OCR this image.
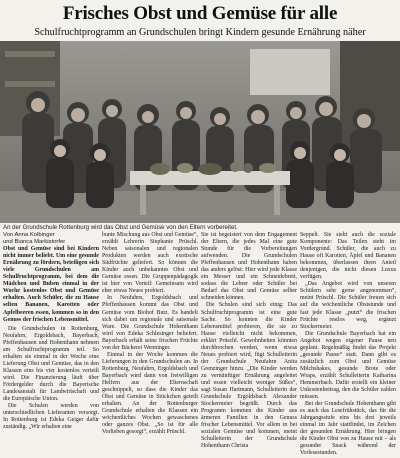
Frisches Obst und Gemüse für alle

Schulfruchtprogramm an Grundschulen bringt Kindern gesunde Ernährung näher

An der Grundschule Rottenburg wird das Obst und Gemüse von den Eltern vorbereitet.

Von Anna Kolbinger
und Bianca Markistorfer

Obst und Gemüse sind bei Kindern nicht immer beliebt. Um eine gesunde Ernährung zu fördern, beteiligen sich viele Grundschulen am Schulfruchtprogramm, bei dem die Mädchen und Buben einmal in der Woche kostenlos Obst und Gemüse erhalten. Auch Schüler, die zu Hause selten Bananen, Karotten oder Apfelbeeren essen, kommen so in den Genuss der frischen Lebensmittel.

Die Grundschulen in Rottenburg, Neufahrn, Ergoldsbach, Bayerbach, Pfeffenhausen und Hohenthann nehmen am Schulfruchtprogramm teil. So erhalten sie einmal in der Woche eine Lieferung Obst und Gemüse, das in den Klassen eins bis vier kostenlos verteilt wird. Die Finanzierung läuft über Fördergelder durch die Bayerische Landesanstalt für Landwirtschaft und die Europäische Union.

Die Schulen werden von unterschiedlichen Lieferanten versorgt. In Rottenburg ist Edeka Geiger dafür zuständig. „Wir erhalten eine

bunte Mischung aus Obst und Gemüse“, erzählt Lehrerin Stephanie Prüschl. Neben saisonalen und regionalen Produkten werden auch exotische Südfrüchte geliefert. So können die Kinder auch unbekanntes Obst und Gemüse essen. Die Gruppenpädagogik ist hier von Vorteil: Gemeinsam wird eher etwas Neues probiert.

In Neufahrn, Ergoldsbach und Pfeffenhausen kommt das Obst und Gemüse vom Biohof Butz. Es handelt sich dabei um regionale und saisonale Ware. Die Grundschule Hohenthann wird von Edeka Schlesinger beliefert. Bayerbach erhält seine frischen Früchte von der Bäckerei Wenninger.

Einmal in der Woche kommen die Lieferungen in den Grundschulen an. In Rottenburg, Neufahrn, Ergoldsbach und Bayerbach wird dann von freiwilligen Helfern aus der Elternschaft geschnippelt, so dass die Kinder das Obst und Gemüse in Stückchen geteilt erhalten. An der Rottenburger Grundschule erhalten die Klassen ein wöchentliches Wochen gewaschenes oder ganzes Obst. „So ist für alle Vorlieben gesorgt“, erzählt Prüschl.

Sie ist begeistert von dem Engagement der Eltern, die jedes Mal eine gute Stunde für die Vorbereitungen aufwenden. Die Grundschulen Pfeffenhausen und Hohenthann haben das anders gelöst: Hier wird jede Klasse ein Messer und ein Schneidebrett, sodass die Lehrer oder Schüler bei Bedarf das Obst und Gemüse selber schneiden können.

Die Schulen sind sich einig: Das Schulfruchtprogramm ist eine gute Sache. So konnten die Kinder Lebensmittel probieren, die sie zu Hause vielleicht nicht bekommen, erklärt Prüschl. Gewohnheiten könnten durchbrochen werden, wenn etwas Neues probiert wird, fügt Schulleiterin der Grundschule Neufahrn Anita Grenzinger hinzu. „Die Kinder werden zu vernünftiger Ernährung angeleitet und essen vielleicht weniger Süßes“, sagt Susan Hartmann, Schulleiterin der Grundschule Ergoldsbach Alexander Stockermeier begrüßt. Durch das Programm kommen die Kinder aus ärmeren Familien in den Genuss frischer Lebensmittel. Vor allem in bei sozialen Gemüse und kommen, meint Schulleiterin der Grundschule Hohenthann Christa

Seppelt. Sie sieht auch die soziale Komponente: Das Teilen steht im Vordergrund. Schüler, die auch zu Hause oft Karotten, Äpfel und Bananen bekommen, überlassen ihren Anteil denjenigen, die nicht diesen Luxus verfügen.

„Das Angebot wird von unseren Schülern sehr gerne angenommen“, meint Prüschl. Die Schüler freuen sich auf die wöchentliche Obststunde und fast jede Klasse „putzt“ die frischen Früchte restlos weg, ergänzt Stockermeier.

Die Grundschule Bayerbach hat ein Angebot wegen eigener Pause neu geplant. Regelmäßig findet das Projekt „gesunde Pause“ statt. Dann gibt es zusätzlich zum Obst und Gemüse Milchshakes, gesunde Brote oder Wraps, erzählt Schulleiterin Katharina Hemmerbach. Dafür erstellt ein kleiner Unkostenbeitrag, den die Schüler zahlen müssen.

Bei der Grundschule Hohenthann gibt es auch das Lesefrühstück, das für die Jahrgangsstufe eins bis drei jeweils einmal im Jahr stattfindet, im Zeichen der gesunden Ernährung. Hier bringen die Kinder Obst von zu Hause mit – als gesunder Snack während der Vorlesestunden.
